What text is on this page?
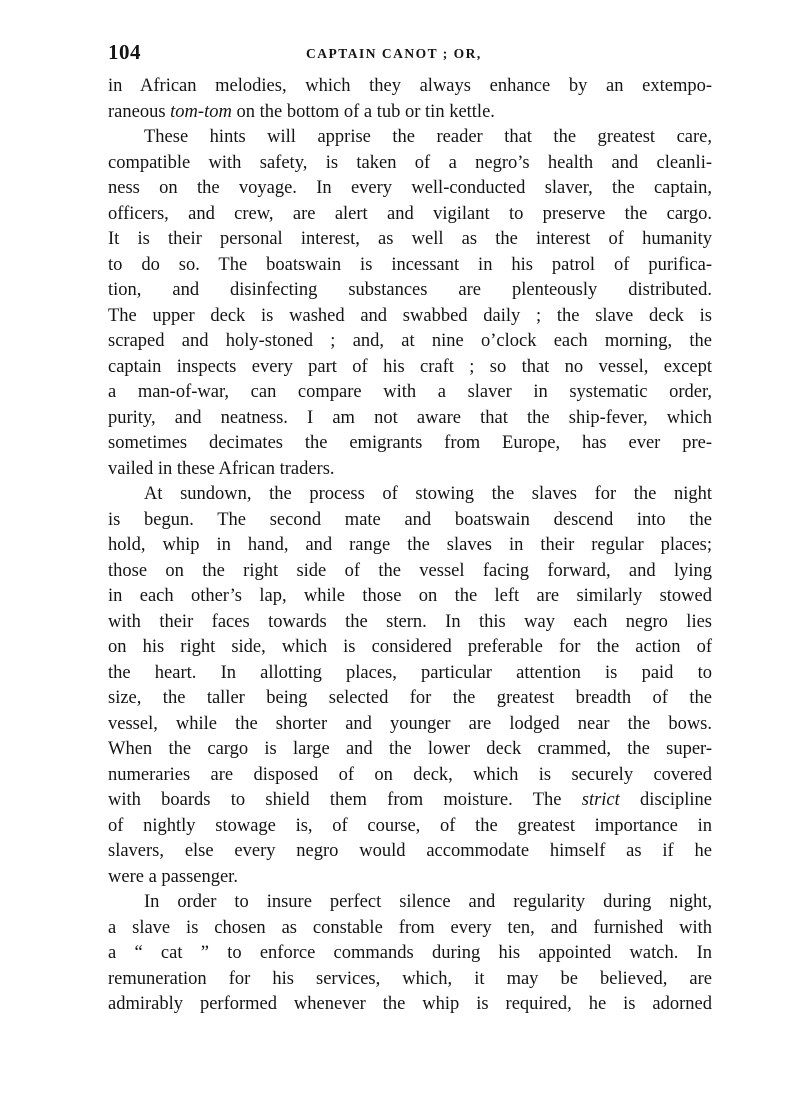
104	CAPTAIN CANOT ; OR,
in African melodies, which they always enhance by an extempo-
raneous tom-tom on the bottom of a tub or tin kettle.
These hints will apprise the reader that the greatest care,
compatible with safety, is taken of a negro’s health and cleanli-
ness on the voyage. In every well-conducted slaver, the captain,
officers, and crew, are alert and vigilant to preserve the cargo.
It is their personal interest, as well as the interest of humanity
to do so. The boatswain is incessant in his patrol of purifica-
tion, and disinfecting substances are plenteously distributed.
The upper deck is washed and swabbed daily ; the slave deck is
scraped and holy-stoned ; and, at nine o’clock each morning, the
captain inspects every part of his craft ; so that no vessel, except
a man-of-war, can compare with a slaver in systematic order,
purity, and neatness. I am not aware that the ship-fever, which
sometimes decimates the emigrants from Europe, has ever pre-
vailed in these African traders.
At sundown, the process of stowing the slaves for the night
is begun. The second mate and boatswain descend into the
hold, whip in hand, and range the slaves in their regular places;
those on the right side of the vessel facing forward, and lying
in each other’s lap, while those on the left are similarly stowed
with their faces towards the stern. In this way each negro lies
on his right side, which is considered preferable for the action of
the heart. In allotting places, particular attention is paid to
size, the taller being selected for the greatest breadth of the
vessel, while the shorter and younger are lodged near the bows.
When the cargo is large and the lower deck crammed, the super-
numeraries are disposed of on deck, which is securely covered
with boards to shield them from moisture. The strict discipline
of nightly stowage is, of course, of the greatest importance in
slavers, else every negro would accommodate himself as if he
were a passenger.
In order to insure perfect silence and regularity during night,
a slave is chosen as constable from every ten, and furnished with
a “ cat ” to enforce commands during his appointed watch. In
remuneration for his services, which, it may be believed, are
admirably performed whenever the whip is required, he is adorned
